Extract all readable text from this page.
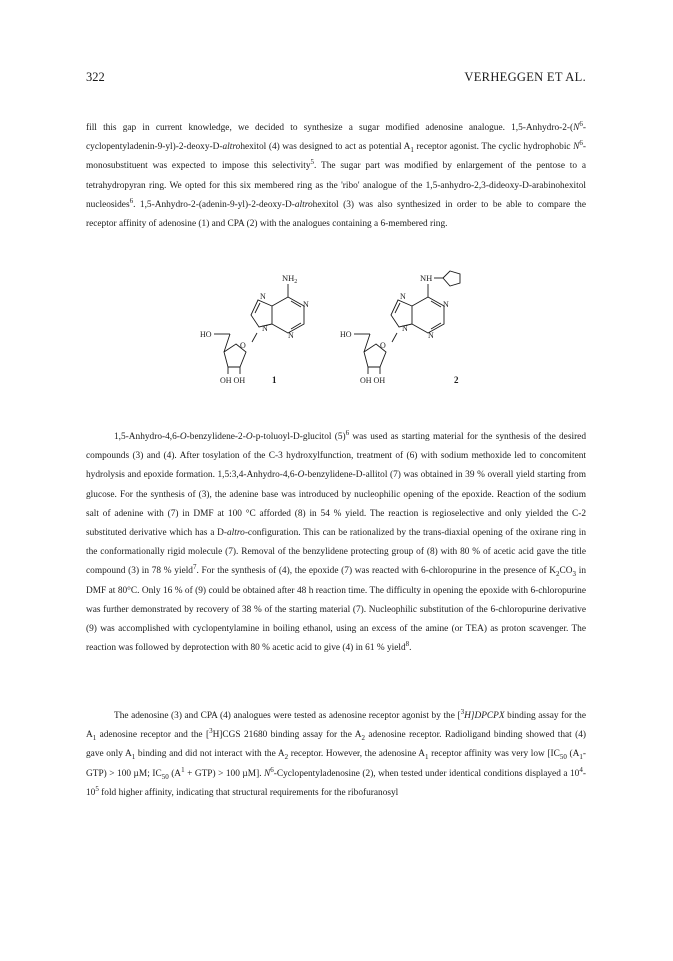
322	VERHEGGEN ET AL.

fill this gap in current knowledge, we decided to synthesize a sugar modified adenosine analogue. $1,5-Anhydro-2-(N^6-cyclopentyladenin-9-yl)-2-deoxy-D$-altrohexitol (4) was designed to act as potential $A_1$ receptor agonist. The cyclic hydrophobic $N^6$-monosubstituent was expected to impose this selectivity$^5$. The sugar part was modified by enlargement of the pentose to a tetrahydropyran ring. We opted for this six membered ring as the 'ribo' analogue of the 1,5-anhydro-2,3-dideoxy-D-arabinohexitol nucleosides$^6$. 1,5-Anhydro-2-(adenin-9-yl)-2-deoxy-D-altrohexitol (3) was also synthesized in order to be able to compare the receptor affinity of adenosine (1) and CPA (2) with the analogues containing a 6-membered ring.

$NH_2$
N
N
N
N
HO
O
OH OH	1
NH
N
N
N
N
HO
O
OH OH	2

1,5-Anhydro-4,6-O-benzylidene-2-O-p-toluoyl-D-glucitol $(5)^6$ was used as starting material for the synthesis of the desired compounds (3) and (4). After tosylation of the C-3 hydroxylfunction, treatment of (6) with sodium methoxide led to concomitent hydrolysis and epoxide formation. 1,5:3,4-Anhydro-4,6-O-benzylidene-D-allitol (7) was obtained in 39 % overall yield starting from glucose. For the synthesis of (3), the adenine base was introduced by nucleophilic opening of the epoxide. Reaction of the sodium salt of adenine with (7) in DMF at 100 °C afforded (8) in 54 % yield. The reaction is regioselective and only yielded the C-2 substituted derivative which has a D-altro-configuration. This can be rationalized by the trans-diaxial opening of the oxirane ring in the conformationally rigid molecule (7). Removal of the benzylidene protecting group of (8) with 80 % of acetic acid gave the title compound (3) in 78 % yield$^7$. For the synthesis of (4), the epoxide (7) was reacted with 6-chloropurine in the presence of $K_2CO_3$ in DMF at 80°C. Only 16 % of (9) could be obtained after 48 h reaction time. The difficulty in opening the epoxide with 6-chloropurine was further demonstrated by recovery of 38 % of the starting material (7). Nucleophilic substitution of the 6-chloropurine derivative (9) was accomplished with cyclopentylamine in boiling ethanol, using an excess of the amine (or TEA) as proton scavenger. The reaction was followed by deprotection with 80 % acetic acid to give (4) in 61 % yield$^8$.

The adenosine (3) and CPA (4) analogues were tested as adenosine receptor agonist by the [$^3$H]DPCPX binding assay for the $A_1$ adenosine receptor and the [$^3$H]CGS 21680 binding assay for the $A_2$ adenosine receptor. Radioligand binding showed that (4) gave only $A_1$ binding and did not interact with the $A_2$ receptor. However, the adenosine $A_1$ receptor affinity was very low [$IC_{50}$ $(A_1-GTP) > 100$ µM; $IC_{50}$ $(A^1 + GTP) > 100$ µM]. $N^6$-Cyclopentyladenosine (2), when tested under identical conditions displayed a $10^4-10^5$ fold higher affinity, indicating that structural requirements for the ribofuranosyl
